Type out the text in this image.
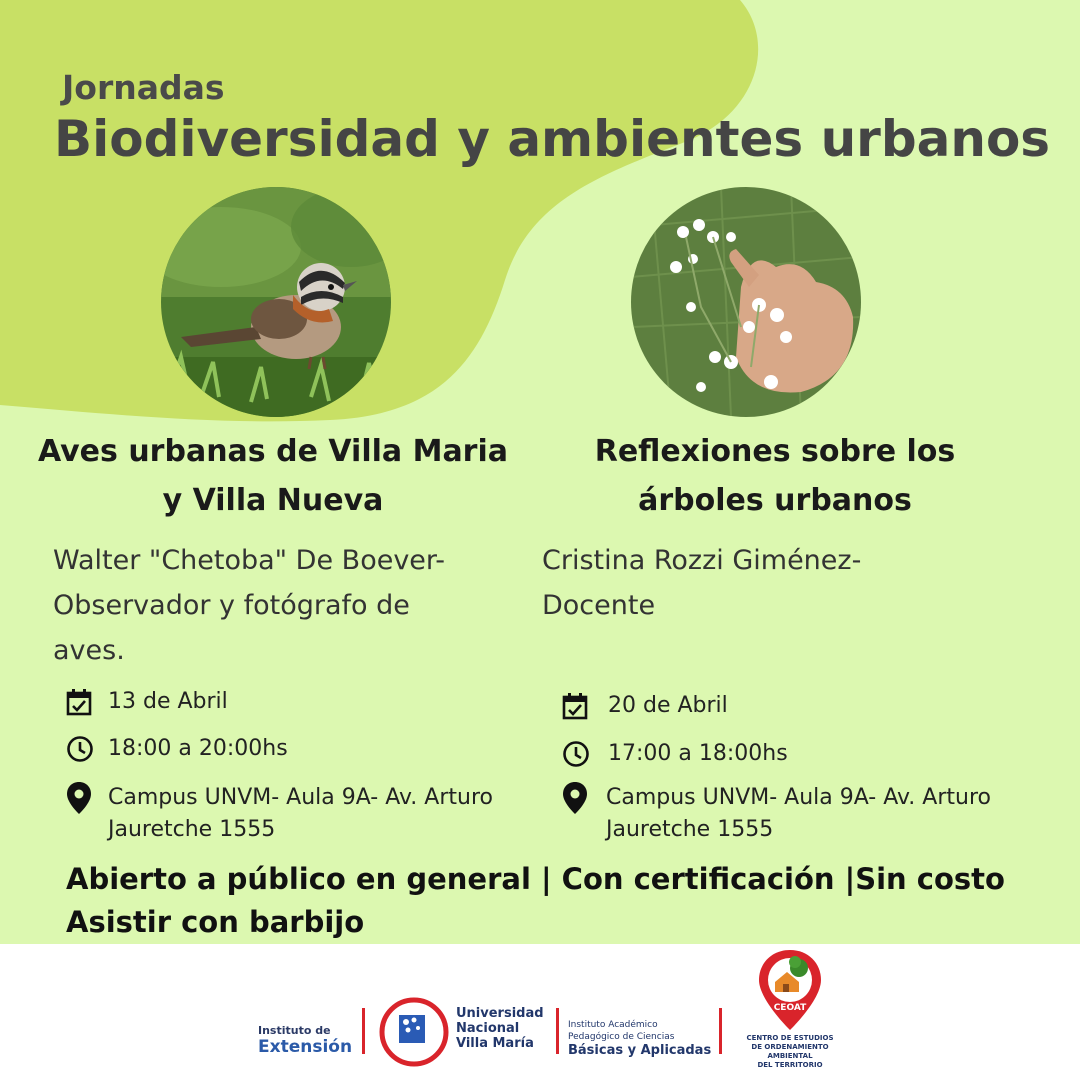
Jornadas
Biodiversidad y ambientes urbanos
Aves urbanas de Villa Maria
y Villa Nueva
Walter "Chetoba" De Boever-
Observador y fotógrafo de
aves.
13 de Abril
18:00 a 20:00hs
Campus UNVM- Aula 9A- Av. Arturo
Jauretche 1555
Reflexiones sobre los
árboles urbanos
Cristina Rozzi Giménez-
Docente
20 de Abril
17:00 a 18:00hs
Campus UNVM- Aula 9A- Av. Arturo
Jauretche 1555
Abierto a público en general | Con certificación |Sin costo
Asistir con barbijo
Instituto de
Extensión
Universidad
Nacional
Villa María
Instituto Académico
Pedagógico de Ciencias
Básicas y Aplicadas
CEOAT
CENTRO DE ESTUDIOS
DE ORDENAMIENTO AMBIENTAL
DEL TERRITORIO
